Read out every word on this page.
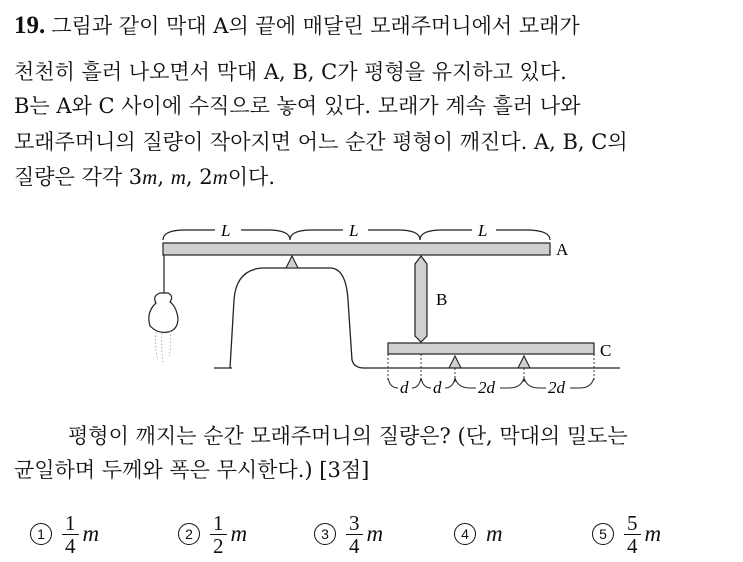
19. 그림과 같이 막대 A의 끝에 매달린 모래주머니에서 모래가
천천히 흘러 나오면서 막대 A, B, C가 평형을 유지하고 있다.
B는 A와 C 사이에 수직으로 놓여 있다. 모래가 계속 흘러 나와
모래주머니의 질량이 작아지면 어느 순간 평형이 깨진다. A, B, C의
질량은 각각 3m, m, 2m이다.
L	L	L
A
B
C
d d 2d	2d
평형이 깨지는 순간 모래주머니의 질량은? (단, 막대의 밀도는
균일하며 두께와 폭은 무시한다.) [3점]
$1 \frac{1}{4}$ m	$2 \frac{1}{2}$ m	$3 \frac{3}{4}$ m	4 m	$5 \frac{5}{4}$ m
